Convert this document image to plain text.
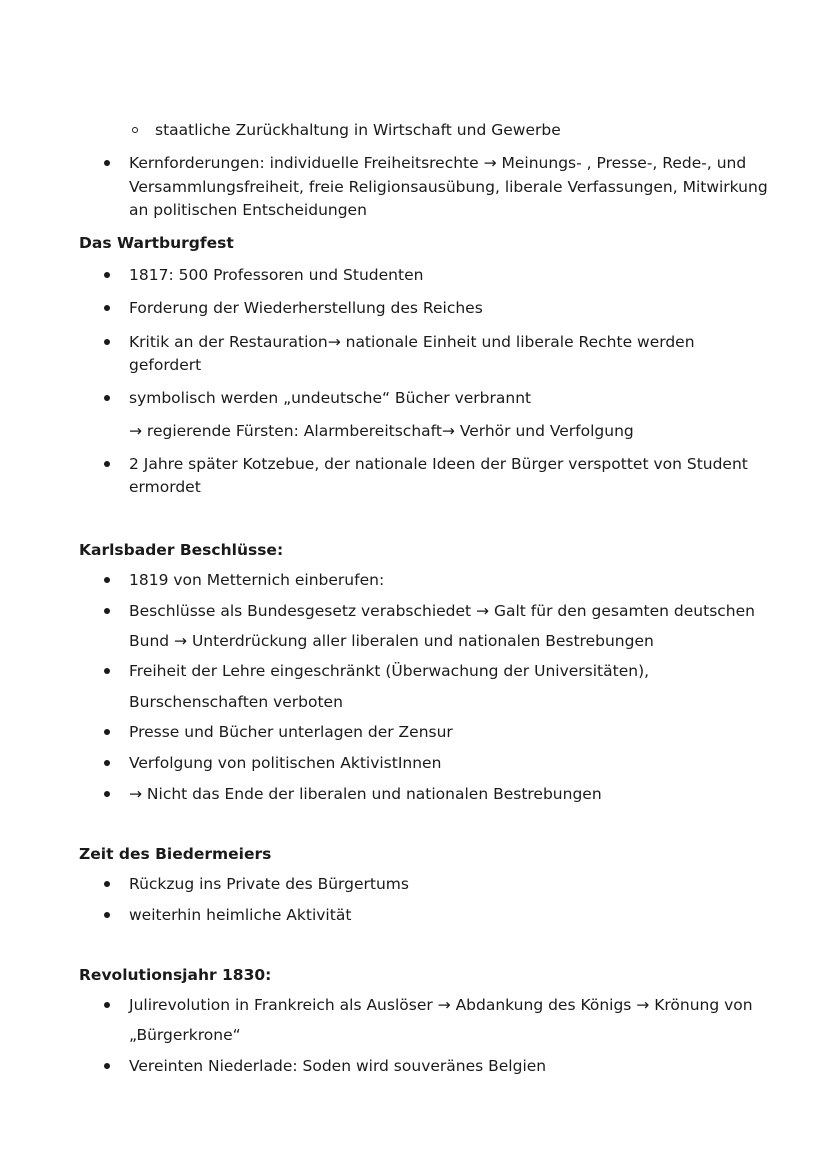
staatliche Zurückhaltung in Wirtschaft und Gewerbe
Kernforderungen: individuelle Freiheitsrechte → Meinungs- , Presse-, Rede-, und
Versammlungsfreiheit, freie Religionsausübung, liberale Verfassungen, Mitwirkung
an politischen Entscheidungen
Das Wartburgfest
1817: 500 Professoren und Studenten
Forderung der Wiederherstellung des Reiches
Kritik an der Restauration→ nationale Einheit und liberale Rechte werden
gefordert
symbolisch werden „undeutsche“ Bücher verbrannt
→ regierende Fürsten: Alarmbereitschaft→ Verhör und Verfolgung
2 Jahre später Kotzebue, der nationale Ideen der Bürger verspottet von Student
ermordet
Karlsbader Beschlüsse:
1819 von Metternich einberufen:
Beschlüsse als Bundesgesetz verabschiedet → Galt für den gesamten deutschen
Bund → Unterdrückung aller liberalen und nationalen Bestrebungen
Freiheit der Lehre eingeschränkt (Überwachung der Universitäten),
Burschenschaften verboten
Presse und Bücher unterlagen der Zensur
Verfolgung von politischen AktivistInnen
→ Nicht das Ende der liberalen und nationalen Bestrebungen
Zeit des Biedermeiers
Rückzug ins Private des Bürgertums
weiterhin heimliche Aktivität
Revolutionsjahr 1830:
Julirevolution in Frankreich als Auslöser → Abdankung des Königs → Krönung von
„Bürgerkrone“
Vereinten Niederlade: Soden wird souveränes Belgien
